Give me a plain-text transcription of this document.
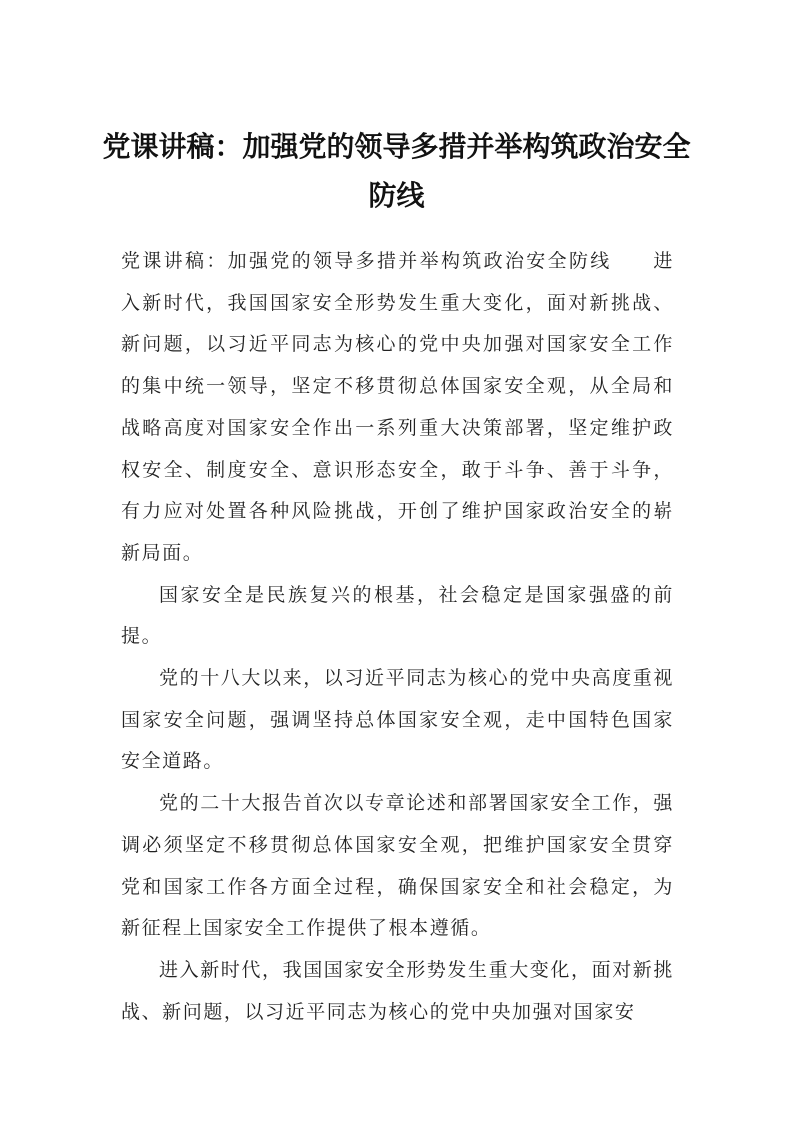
党课讲稿：加强党的领导多措并举构筑政治安全防线

党课讲稿：加强党的领导多措并举构筑政治安全防线 进入新时代，我国国家安全形势发生重大变化，面对新挑战、新问题，以习近平同志为核心的党中央加强对国家安全工作的集中统一领导，坚定不移贯彻总体国家安全观，从全局和战略高度对国家安全作出一系列重大决策部署，坚定维护政权安全、制度安全、意识形态安全，敢于斗争、善于斗争，有力应对处置各种风险挑战，开创了维护国家政治安全的崭新局面。

国家安全是民族复兴的根基，社会稳定是国家强盛的前提。

党的十八大以来，以习近平同志为核心的党中央高度重视国家安全问题，强调坚持总体国家安全观，走中国特色国家安全道路。

党的二十大报告首次以专章论述和部署国家安全工作，强调必须坚定不移贯彻总体国家安全观，把维护国家安全贯穿党和国家工作各方面全过程，确保国家安全和社会稳定，为新征程上国家安全工作提供了根本遵循。

进入新时代，我国国家安全形势发生重大变化，面对新挑战、新问题，以习近平同志为核心的党中央加强对国家安
